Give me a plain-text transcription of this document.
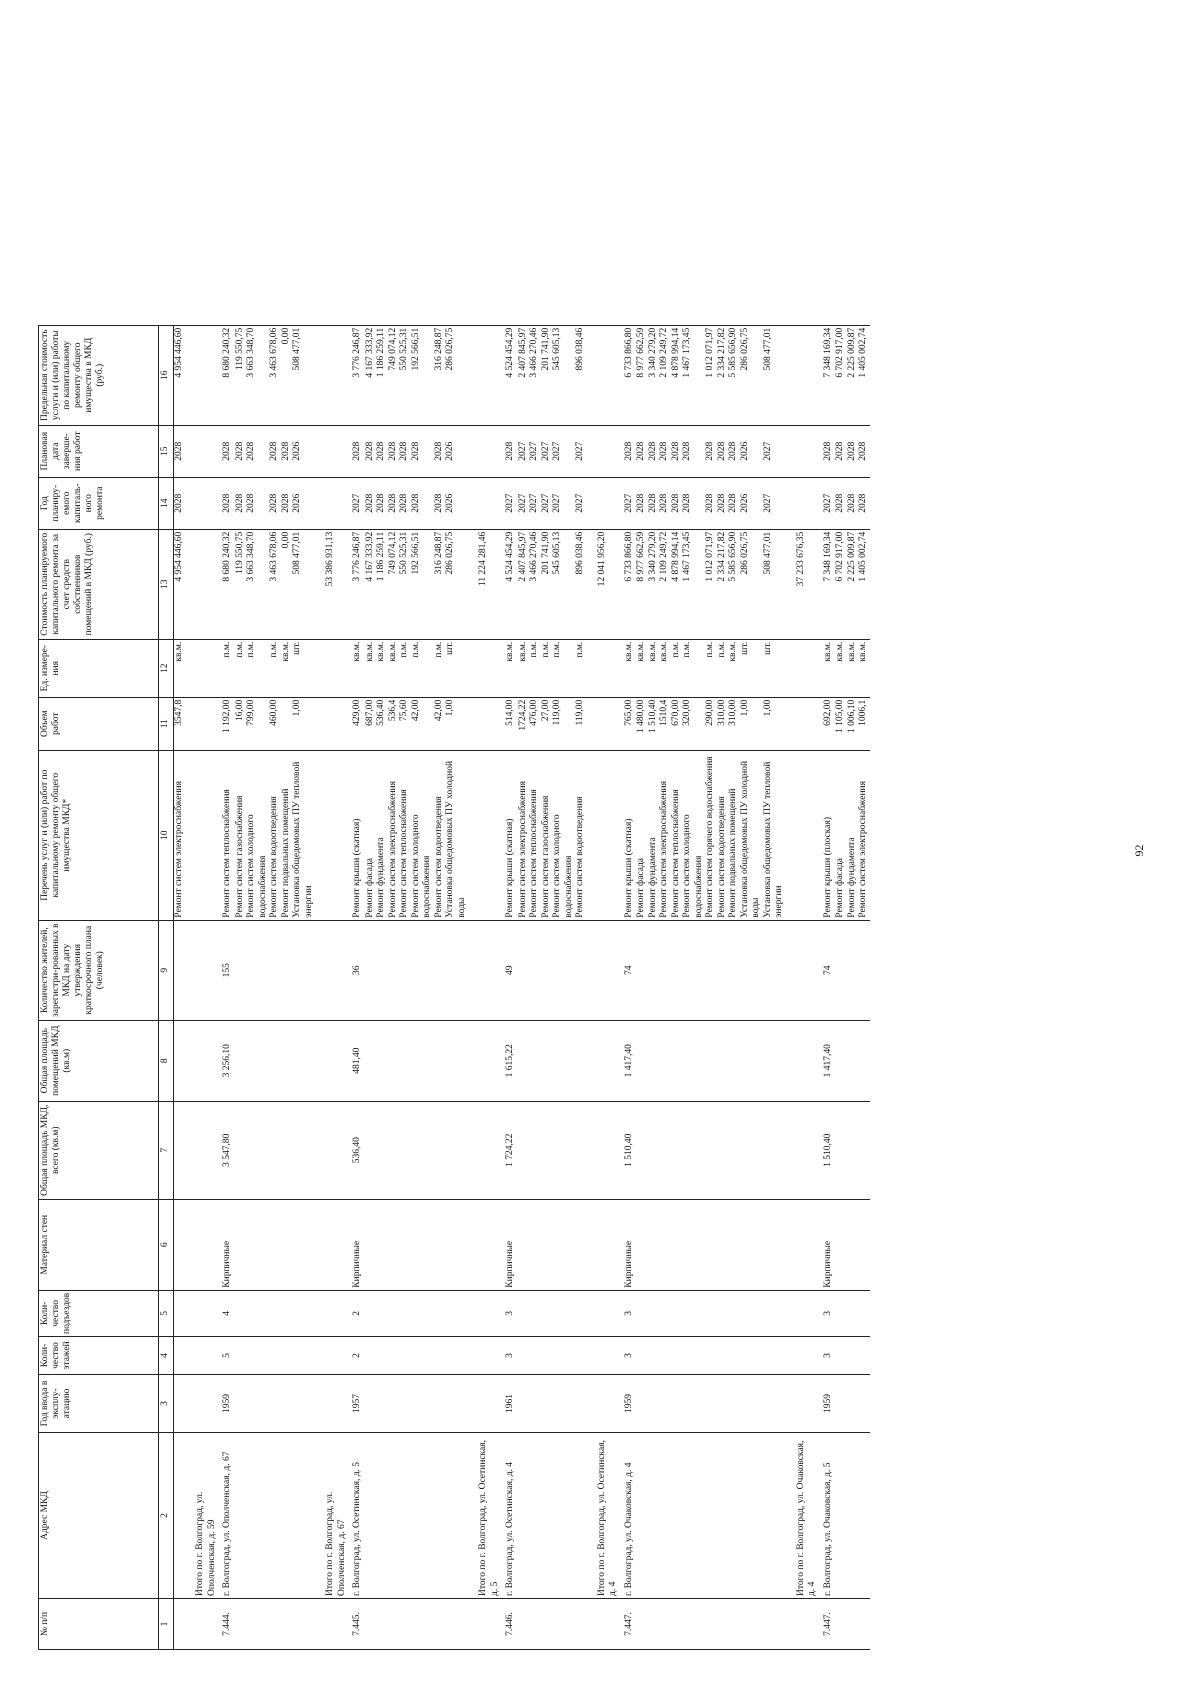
№ п/п	Адрес МКД	Год ввода в эксплу-атацию	Коли-чество этажей	Коли-чество подъездов	Материал стен	Общая площадь МКД, всего (кв.м)	Общая площадь помещений МКД (кв.м)	Количество жителей, зарегистри-рованных в МКД на дату утверждения краткосрочного плана (человек)	Перечень услуг и (или) работ по капитальному ремонту общего имущества МКД*	Объем работ	Ед. измере-ния	Стоимость планируемого капитального ремонта за счет средств собственников помещений в МКД (руб.)	Год планиру-емого капиталь-ного ремонта	Плановая дата заверше-ния работ	Предельная стоимость услуги и (или) работы по капитальному ремонту общего имущества в МКД (руб.)
1	2	3	4	5	6	7	8	9	10	11	12	13	14	15	16
									Ремонт систем электроснабжения	3547,8	кв.м.	4 954 446,60	2028	2028	4 954 446,60
	Итого по г. Волгоград, ул. Ополченская, д. 59														
7.444.	г. Волгоград, ул. Ополченская, д. 67	1959	5	4	Кирпичные	3 547,80	3 256,10	155	Ремонт систем теплоснабжения	1 192,00	п.м.	8 680 240,32	2028	2028	8 680 240,32
									Ремонт систем газоснабжения	16,00	п.м.	119 550,75	2028	2028	119 550,75
									Ремонт систем холодного водоснабжения	799,00	п.м.	3 663 348,70	2028	2028	3 663 348,70
									Ремонт систем водоотведения	460,00	п.м.	3 463 678,06	2028	2028	3 463 678,06
									Ремонт подвальных помещений		кв.м.	0,00	2028	2028	0,00
									Установка общедомовых ПУ тепловой энергии	1,00	шт.	508 477,01	2026	2026	508 477,01
	Итого по г. Волгоград, ул. Ополченская, д. 67											53 386 931,13			
7.445.	г. Волгоград, ул. Осетинская, д. 5	1957	2	2	Кирпичные	536,40	481,40	36	Ремонт крыши (скатная)	429,00	кв.м.	3 776 246,87	2027	2028	3 776 246,87
									Ремонт фасада	687,00	кв.м.	4 167 333,92	2028	2028	4 167 333,92
									Ремонт фундамента	536,40	кв.м.	1 186 259,11	2028	2028	1 186 259,11
									Ремонт систем электроснабжения	536,4	кв.м.	749 074,12	2028	2028	749 074,12
									Ремонт систем теплоснабжения	75,60	п.м.	550 525,31	2028	2028	550 525,31
									Ремонт систем холодного водоснабжения	42,00	п.м.	192 566,51	2028	2028	192 566,51
									Ремонт систем водоотведения	42,00	п.м.	316 248,87	2028	2028	316 248,87
									Установка общедомовых ПУ холодной воды	1,00	шт.	286 026,75	2026	2026	286 026,75
	Итого по г. Волгоград, ул. Осетинская, д. 5											11 224 281,46			
7.446.	г. Волгоград, ул. Осетинская, д. 4	1961	3	3	Кирпичные	1 724,22	1 615,22	49	Ремонт крыши (скатная)	514,00	кв.м.	4 524 454,29	2027	2028	4 524 454,29
									Ремонт систем электроснабжения	1724,22	кв.м.	2 407 845,97	2027	2027	2 407 845,97
									Ремонт систем теплоснабжения	476,00	п.м.	3 466 270,46	2027	2027	3 466 270,46
									Ремонт систем газоснабжения	27,00	п.м.	201 741,90	2027	2027	201 741,90
									Ремонт систем холодного водоснабжения	119,00	п.м.	545 605,13	2027	2027	545 605,13
									Ремонт систем водоотведения	119,00	п.м.	896 038,46	2027	2027	896 038,46
	Итого по г. Волгоград, ул. Осетинская, д. 4											12 041 956,20			
7.447.	г. Волгоград, ул. Очаковская, д. 4	1959	3	3	Кирпичные	1 510,40	1 417,40	74	Ремонт крыши (скатная)	765,00	кв.м.	6 733 866,80	2027	2028	6 733 866,80
									Ремонт фасада	1 480,00	кв.м.	8 977 662,59	2028	2028	8 977 662,59
									Ремонт фундамента	1 510,40	кв.м.	3 340 279,20	2028	2028	3 340 279,20
									Ремонт систем электроснабжения	1510,4	кв.м.	2 109 249,72	2028	2028	2 109 249,72
									Ремонт систем теплоснабжения	670,00	п.м.	4 878 994,14	2028	2028	4 878 994,14
									Ремонт систем холодного водоснабжения	320,00	п.м.	1 467 173,45	2028	2028	1 467 173,45
									Ремонт систем горячего водоснабжения	290,00	п.м.	1 012 071,97	2028	2028	1 012 071,97
									Ремонт систем водоотведения	310,00	п.м.	2 334 217,82	2028	2028	2 334 217,82
									Ремонт подвальных помещений	310,00	кв.м.	5 585 656,90	2028	2028	5 585 656,90
									Установка общедомовых ПУ холодной воды	1,00	шт.	286 026,75	2026	2026	286 026,75
									Установка общедомовых ПУ тепловой энергии	1,00	шт.	508 477,01	2027	2027	508 477,01
	Итого по г. Волгоград, ул. Очаковская, д. 4											37 233 676,35			
7.447.	г. Волгоград, ул. Очаковская, д. 5	1959	3	3	Кирпичные	1 510,40	1 417,40	74	Ремонт крыши (плоская)	692,00	кв.м.	7 348 169,34	2027	2028	7 348 169,34
									Ремонт фасада	1 105,00	кв.м.	6 702 917,00	2028	2028	6 702 917,00
									Ремонт фундамента	1 006,10	кв.м.	2 225 009,87	2028	2028	2 225 009,87
									Ремонт систем электроснабжения	1006,1	кв.м.	1 405 002,74	2028	2028	1 405 002,74
92
